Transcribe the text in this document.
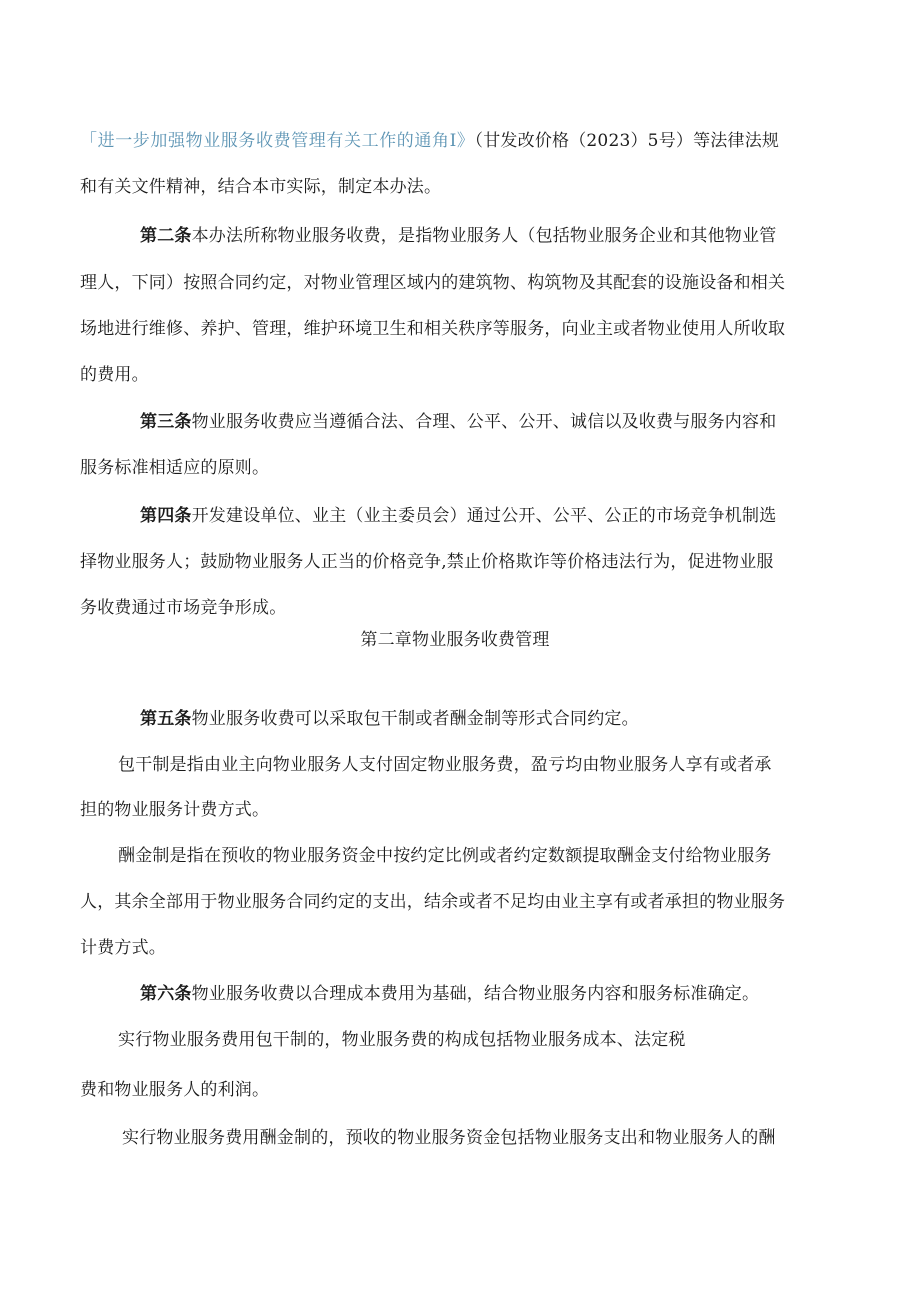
「进一步加强物业服务收费管理有关工作的通角I》（甘发改价格（2023）5号）等法律法规
和有关文件精神，结合本市实际，制定本办法。
第二条本办法所称物业服务收费，是指物业服务人（包括物业服务企业和其他物业管
理人，下同）按照合同约定，对物业管理区域内的建筑物、构筑物及其配套的设施设备和相关
场地进行维修、养护、管理，维护环境卫生和相关秩序等服务，向业主或者物业使用人所收取
的费用。
第三条物业服务收费应当遵循合法、合理、公平、公开、诚信以及收费与服务内容和
服务标准相适应的原则。
第四条开发建设单位、业主（业主委员会）通过公开、公平、公正的市场竞争机制选
择物业服务人；鼓励物业服务人正当的价格竞争,禁止价格欺诈等价格违法行为，促进物业服
务收费通过市场竞争形成。
第二章物业服务收费管理
第五条物业服务收费可以采取包干制或者酬金制等形式合同约定。
包干制是指由业主向物业服务人支付固定物业服务费，盈亏均由物业服务人享有或者承
担的物业服务计费方式。
酬金制是指在预收的物业服务资金中按约定比例或者约定数额提取酬金支付给物业服务
人，其余全部用于物业服务合同约定的支出，结余或者不足均由业主享有或者承担的物业服务
计费方式。
第六条物业服务收费以合理成本费用为基础，结合物业服务内容和服务标准确定。
实行物业服务费用包干制的，物业服务费的构成包括物业服务成本、法定税
费和物业服务人的利润。
实行物业服务费用酬金制的，预收的物业服务资金包括物业服务支出和物业服务人的酬
